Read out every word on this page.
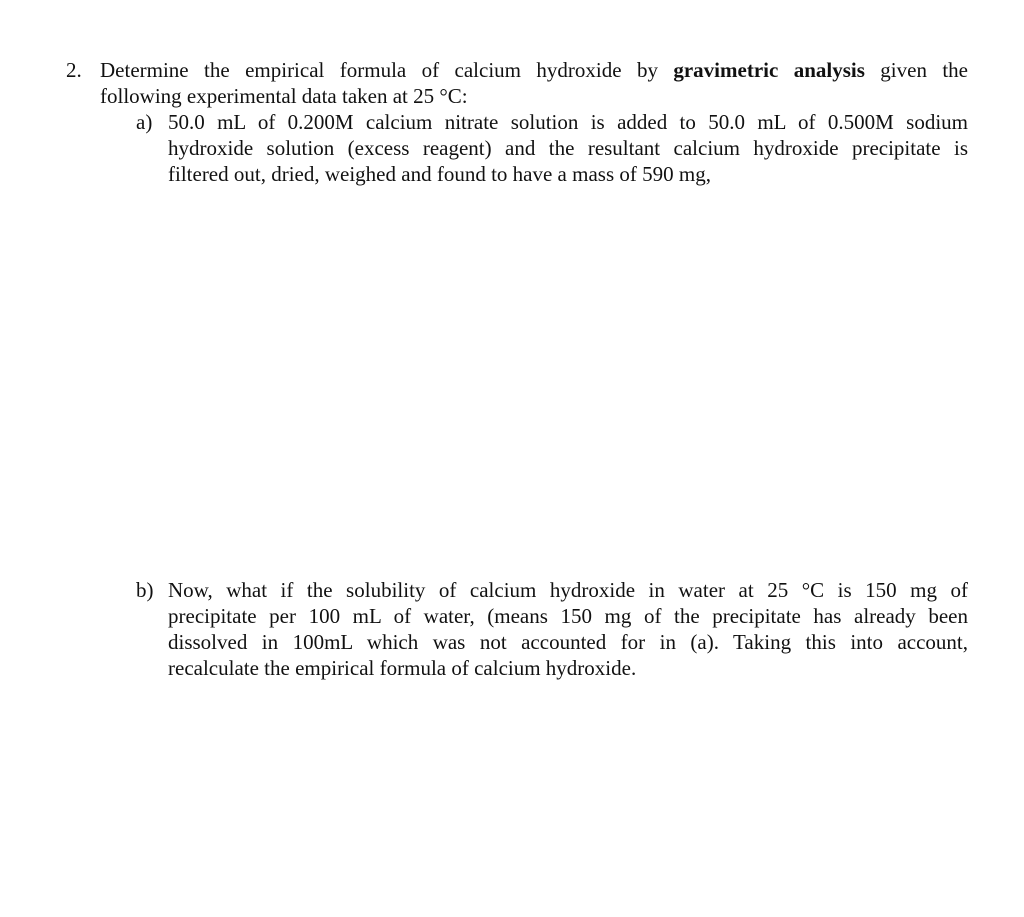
2. Determine the empirical formula of calcium hydroxide by gravimetric analysis given the
following experimental data taken at 25 °C:
a) 50.0 mL of 0.200M calcium nitrate solution is added to 50.0 mL of 0.500M sodium
hydroxide solution (excess reagent) and the resultant calcium hydroxide precipitate is
filtered out, dried, weighed and found to have a mass of 590 mg,
b) Now, what if the solubility of calcium hydroxide in water at 25 °C is 150 mg of
precipitate per 100 mL of water, (means 150 mg of the precipitate has already been
dissolved in 100mL which was not accounted for in (a). Taking this into account,
recalculate the empirical formula of calcium hydroxide.
